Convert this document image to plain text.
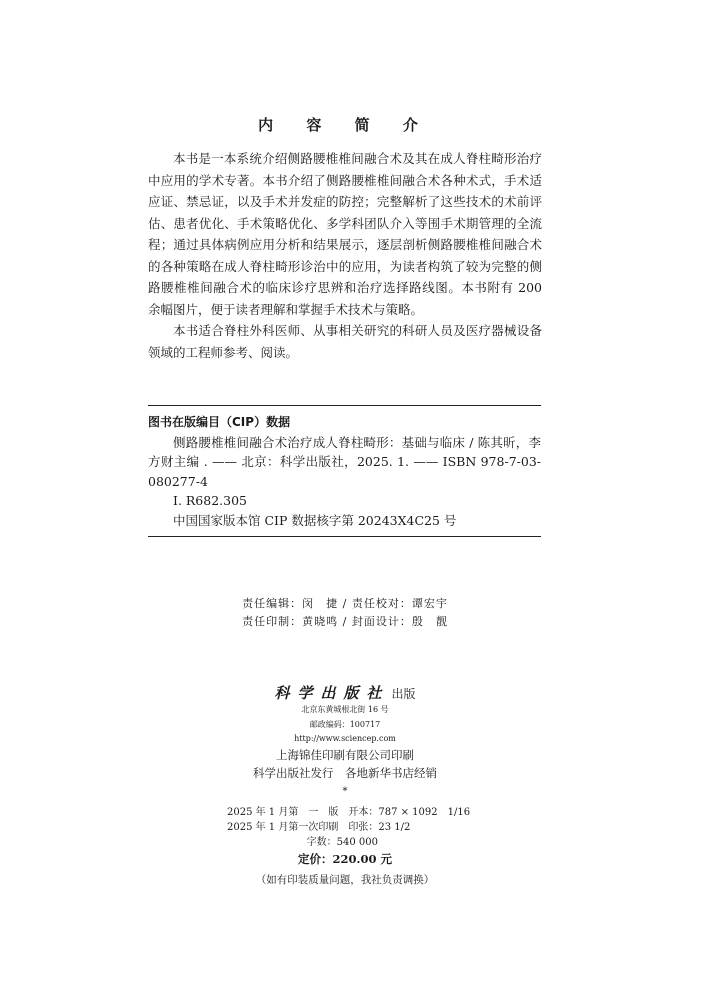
内 容 简 介

本书是一本系统介绍侧路腰椎椎间融合术及其在成人脊柱畸形治疗中应用的学术专著。本书介绍了侧路腰椎椎间融合术各种术式，手术适应证、禁忌证，以及手术并发症的防控；完整解析了这些技术的术前评估、患者优化、手术策略优化、多学科团队介入等围手术期管理的全流程；通过具体病例应用分析和结果展示，逐层剖析侧路腰椎椎间融合术的各种策略在成人脊柱畸形诊治中的应用，为读者构筑了较为完整的侧路腰椎椎间融合术的临床诊疗思辨和治疗选择路线图。本书附有 200 余幅图片，便于读者理解和掌握手术技术与策略。

本书适合脊柱外科医师、从事相关研究的科研人员及医疗器械设备领域的工程师参考、阅读。

图书在版编目（CIP）数据
侧路腰椎椎间融合术治疗成人脊柱畸形：基础与临床 / 陈其昕，李方财主编 . —— 北京：科学出版社，2025. 1. —— ISBN 978-7-03-080277-4
Ⅰ. R682.305
中国国家版本馆 CIP 数据核字第 20243X4C25 号
责任编辑：闵　捷 / 责任校对：谭宏宇
责任印制：黄晓鸣 / 封面设计：殷　靓
科学出版社 出版
北京东黄城根北街 16 号
邮政编码：100717
http://www.sciencep.com
上海锦佳印刷有限公司印刷
科学出版社发行　各地新华书店经销
*
2025 年 1 月第　一　版　开本：787 × 1092　1/16
2025 年 1 月第一次印刷　印张：23 1/2
字数：540 000
定价：220.00 元
（如有印装质量问题，我社负责调换）
